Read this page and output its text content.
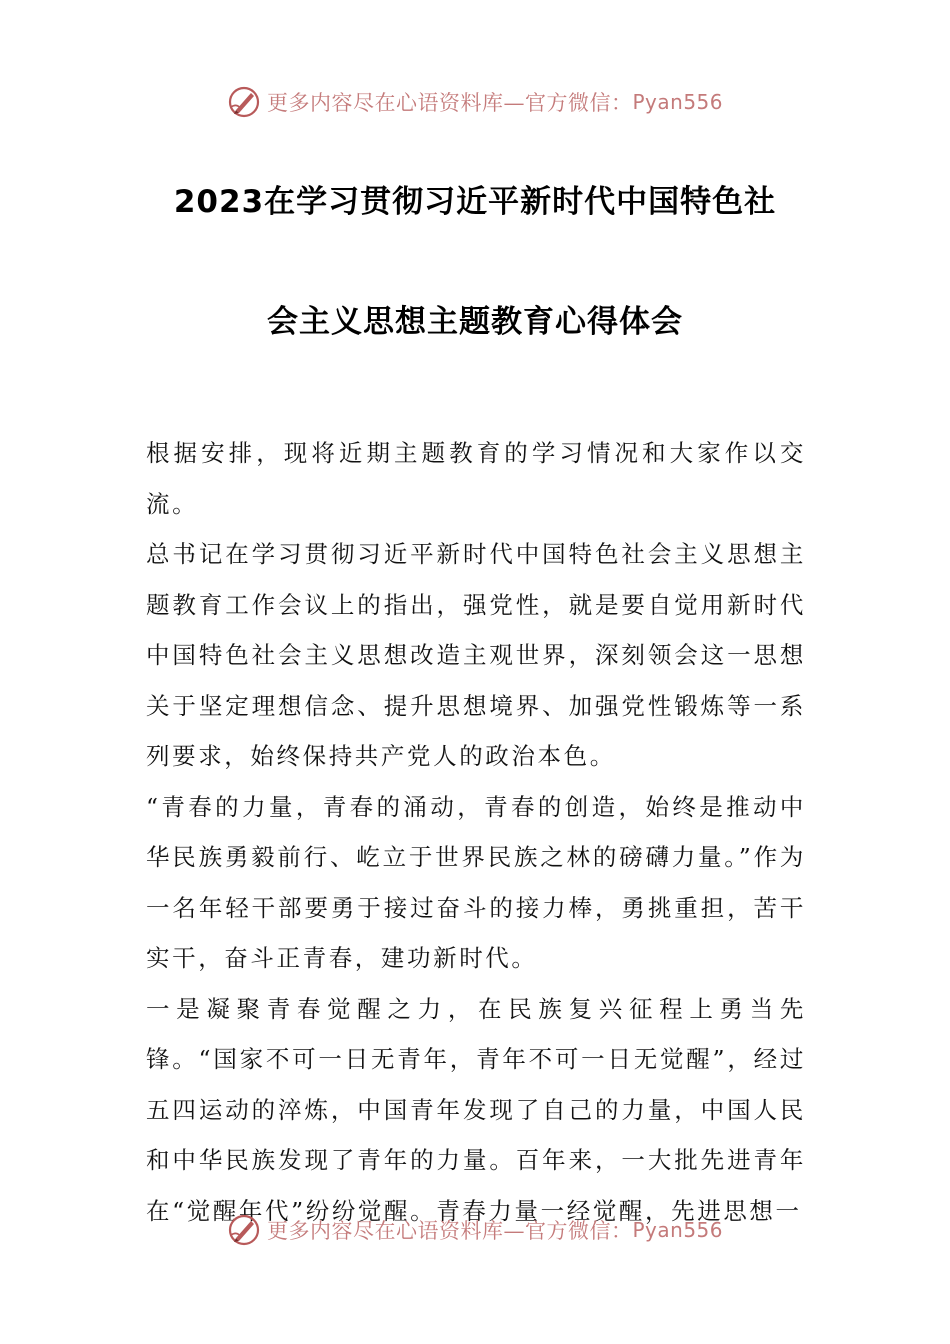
更多内容尽在心语资料库—官方微信： Pyan556
2023在学习贯彻习近平新时代中国特色社
会主义思想主题教育心得体会

根据安排，现将近期主题教育的学习情况和大家作以交流。

总书记在学习贯彻习近平新时代中国特色社会主义思想主题教育工作会议上的指出，强党性，就是要自觉用新时代中国特色社会主义思想改造主观世界，深刻领会这一思想关于坚定理想信念、提升思想境界、加强党性锻炼等一系列要求，始终保持共产党人的政治本色。

“青春的力量，青春的涌动，青春的创造，始终是推动中华民族勇毅前行、屹立于世界民族之林的磅礴力量。”作为一名年轻干部要勇于接过奋斗的接力棒，勇挑重担，苦干实干，奋斗正青春，建功新时代。

一是凝聚青春觉醒之力，在民族复兴征程上勇当先锋。“国家不可一日无青年，青年不可一日无觉醒”，经过五四运动的淬炼，中国青年发现了自己的力量，中国人民和中华民族发现了青年的力量。百年来，一大批先进青年在“觉醒年代”纷纷觉醒。青春力量一经觉醒，先进思想一

更多内容尽在心语资料库—官方微信： Pyan556
